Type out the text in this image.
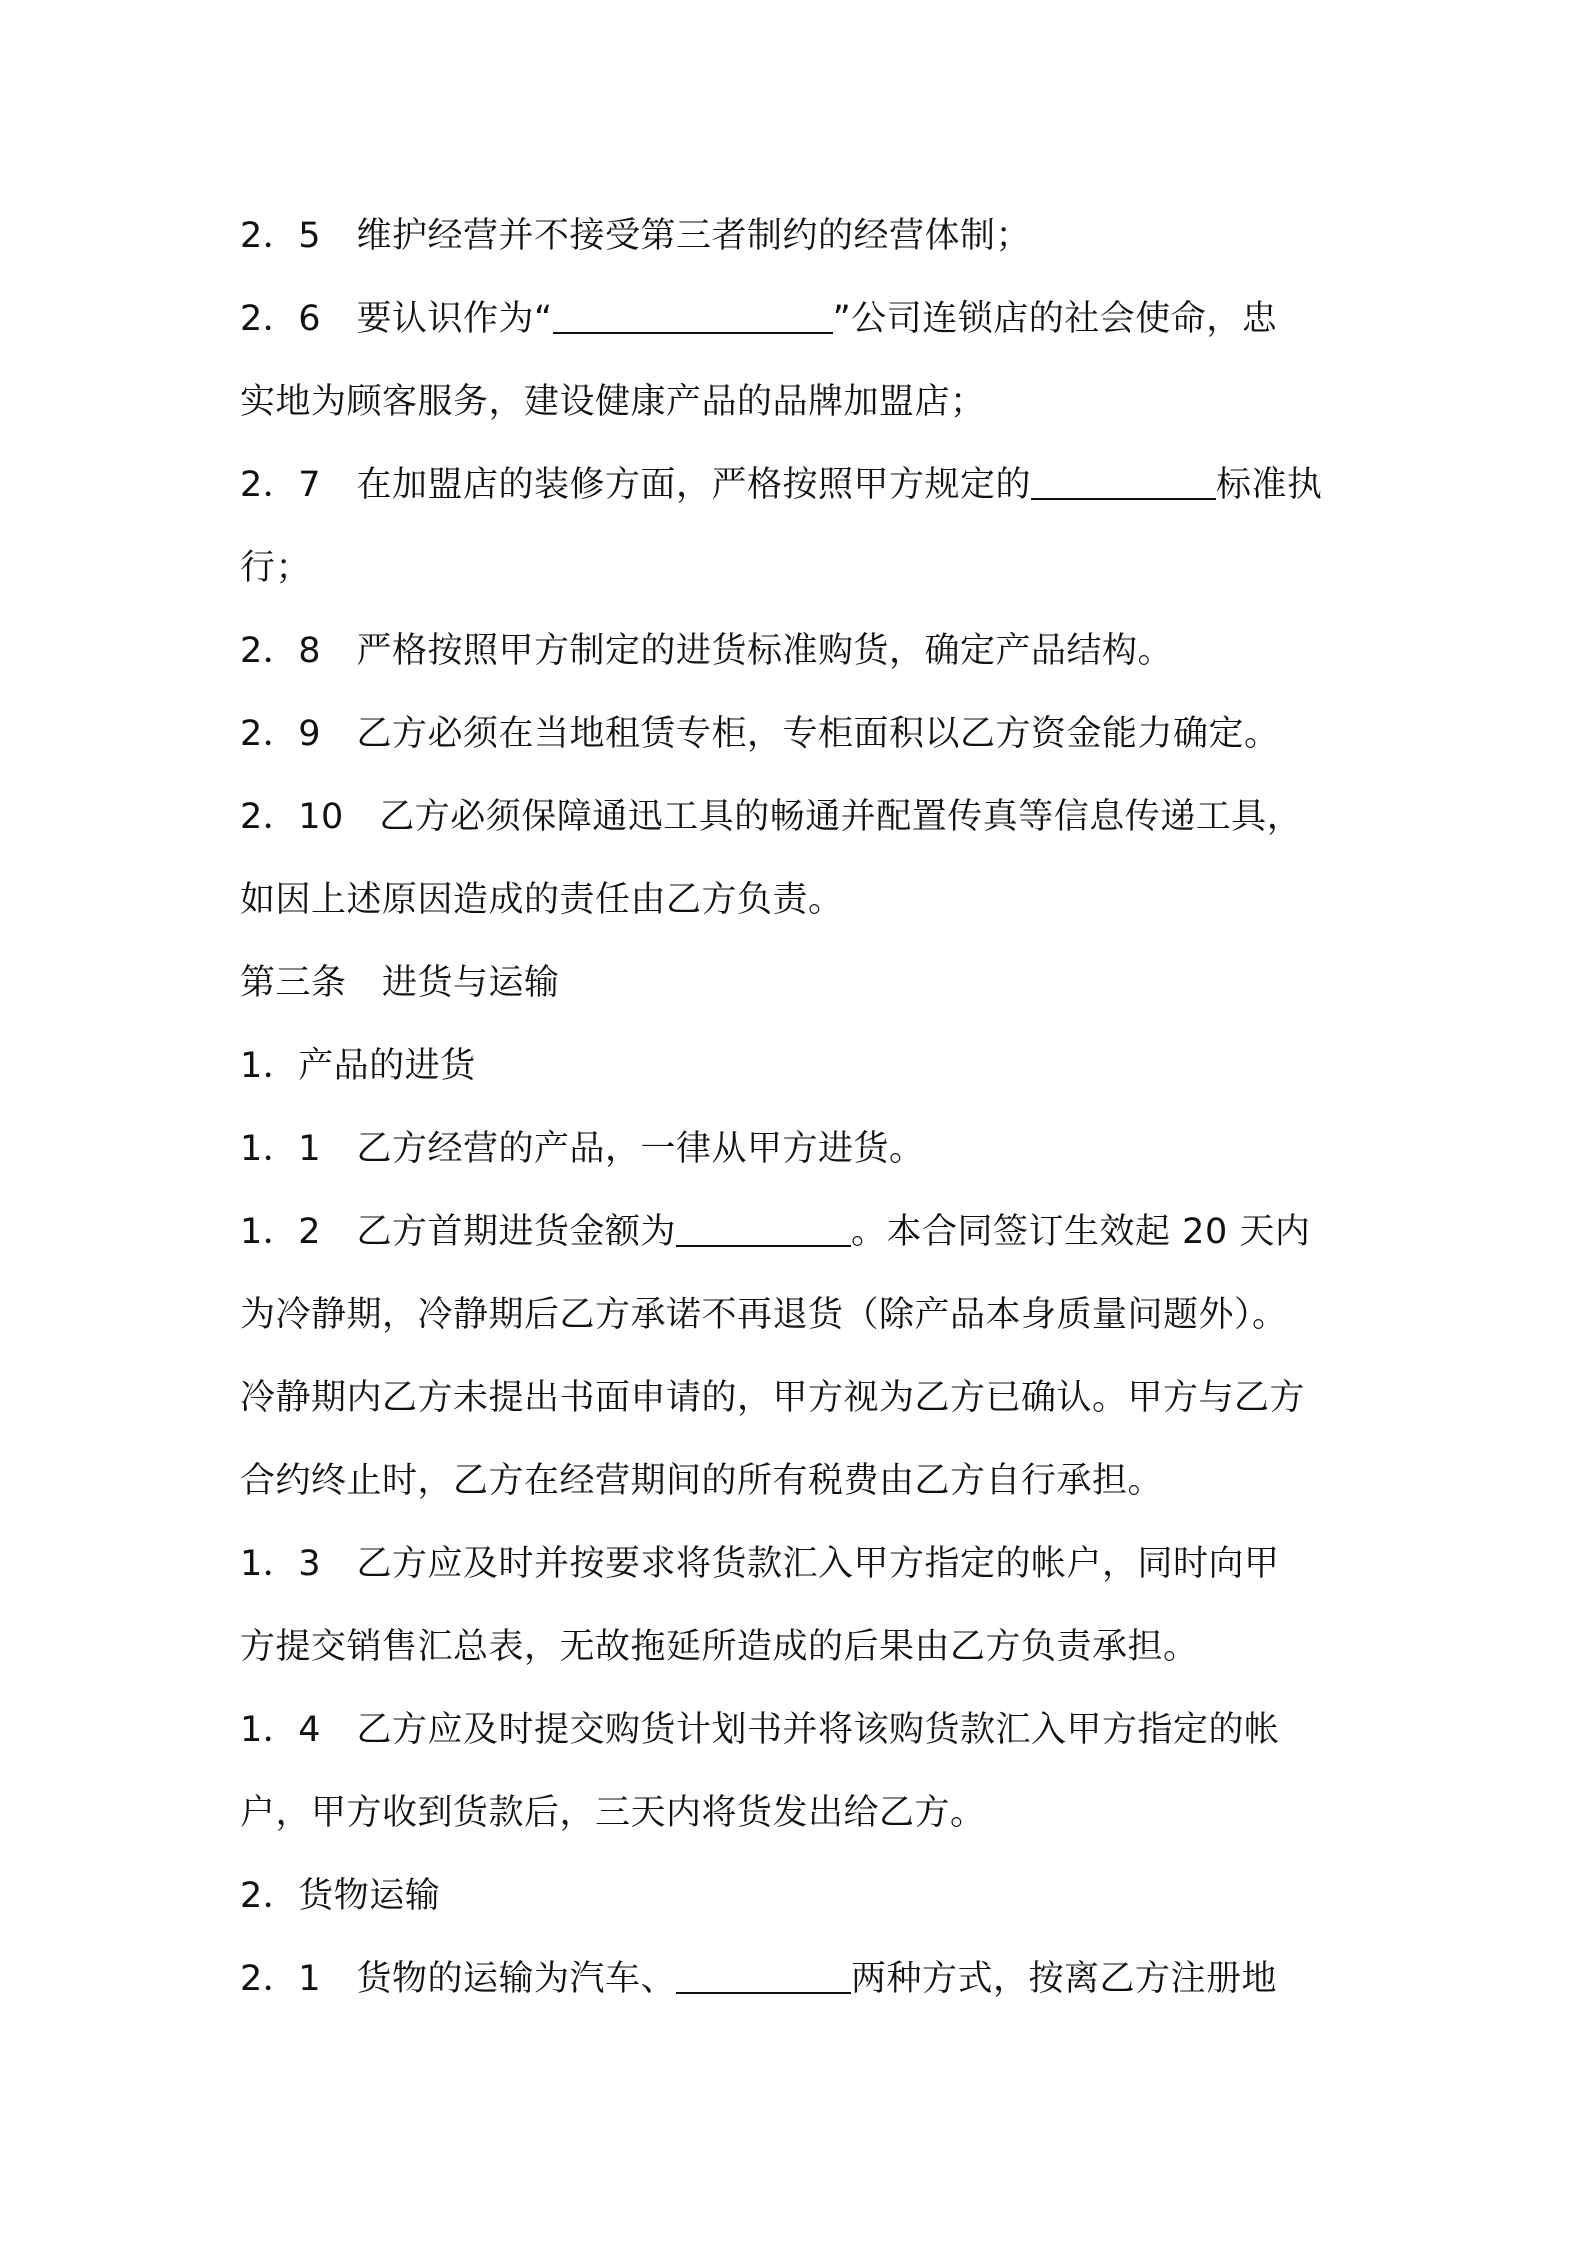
2．5　维护经营并不接受第三者制约的经营体制；
2．6　要认识作为“	”公司连锁店的社会使命，忠
实地为顾客服务，建设健康产品的品牌加盟店；
2．7　在加盟店的装修方面，严格按照甲方规定的	标准执
行；
2．8　严格按照甲方制定的进货标准购货，确定产品结构。
2．9　乙方必须在当地租赁专柜，专柜面积以乙方资金能力确定。
2．10　乙方必须保障通迅工具的畅通并配置传真等信息传递工具，
如因上述原因造成的责任由乙方负责。
第三条　进货与运输
1．产品的进货
1．1　乙方经营的产品，一律从甲方进货。
1．2　乙方首期进货金额为	。本合同签订生效起 20 天内
为冷静期，冷静期后乙方承诺不再退货（除产品本身质量问题外）。
冷静期内乙方未提出书面申请的，甲方视为乙方已确认。甲方与乙方
合约终止时，乙方在经营期间的所有税费由乙方自行承担。
1．3　乙方应及时并按要求将货款汇入甲方指定的帐户，同时向甲
方提交销售汇总表，无故拖延所造成的后果由乙方负责承担。
1．4　乙方应及时提交购货计划书并将该购货款汇入甲方指定的帐
户，甲方收到货款后，三天内将货发出给乙方。
2．货物运输
2．1　货物的运输为汽车、	两种方式，按离乙方注册地
